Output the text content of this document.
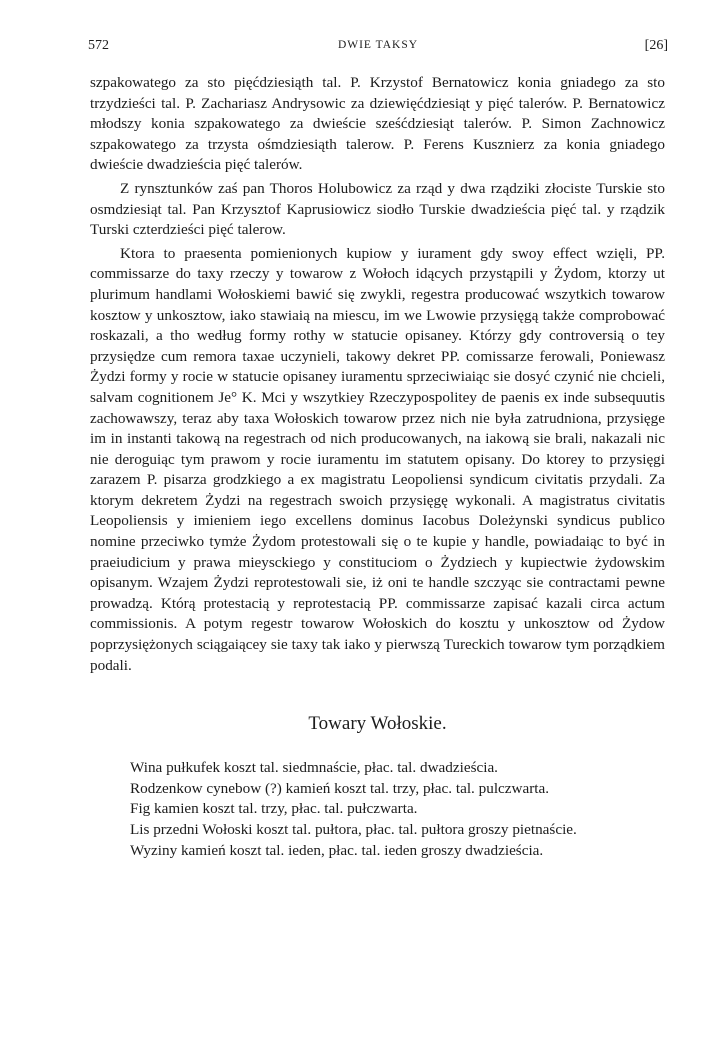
572	DWIE TAKSY	[26]

szpakowatego za sto pięćdziesiąth tal. P. Krzystof Bernatowicz konia gniadego za sto trzydzieści tal. P. Zachariasz Andrysowic za dziewięćdziesiąt y pięć talerów. P. Bernatowicz młodszy konia szpakowatego za dwieście sześćdziesiąt talerów. P. Simon Zachnowicz szpakowatego za trzysta ośmdziesiąth talerow. P. Ferens Kusznierz za konia gniadego dwieście dwadzieścia pięć talerów.

Z rynsztunków zaś pan Thoros Holubowicz za rząd y dwa rządziki złociste Turskie sto osmdziesiąt tal. Pan Krzysztof Kaprusiowicz siodło Turskie dwadzieścia pięć tal. y rządzik Turski czterdzieści pięć talerow.

Ktora to praesenta pomienionych kupiow y iurament gdy swoy effect wzięli, PP. commissarze do taxy rzeczy y towarow z Wołoch idących przystąpili y Żydom, ktorzy ut plurimum handlami Wołoskiemi bawić się zwykli, regestra producować wszytkich towarow kosztow y unkosztow, iako stawiaią na miescu, im we Lwowie przysięgą także comprobować roskazali, a tho według formy rothy w statucie opisaney. Którzy gdy controversią o tey przysiędze cum remora taxae uczynieli, takowy dekret PP. comissarze ferowali, Poniewasz Żydzi formy y rocie w statucie opisaney iuramentu sprzeciwiaiąc sie dosyć czynić nie chcieli, salvam cognitionem Je° K. Mci y wszytkiey Rzeczypospolitey de paenis ex inde subsequutis zachowawszy, teraz aby taxa Wołoskich towarow przez nich nie była zatrudniona, przysięge im in instanti takową na regestrach od nich producowanych, na iakową sie brali, nakazali nic nie deroguiąc tym prawom y rocie iuramentu im statutem opisany. Do ktorey to przysięgi zarazem P. pisarza grodzkiego a ex magistratu Leopoliensi syndicum civitatis przydali. Za ktorym dekretem Żydzi na regestrach swoich przysięgę wykonali. A magistratus civitatis Leopoliensis y imieniem iego excellens dominus Iacobus Doleżynski syndicus publico nomine przeciwko tymże Żydom protestowali się o te kupie y handle, powiadaiąc to być in praeiudicium y prawa mieysckiego y constituciom o Żydziech y kupiectwie żydowskim opisanym. Wzajem Żydzi reprotestowali sie, iż oni te handle szczyąc sie contractami pewne prowadzą. Którą protestacią y reprotestacią PP. commissarze zapisać kazali circa actum commissionis. A potym regestr towarow Wołoskich do kosztu y unkosztow od Żydow poprzysiężonych sciągaiącey sie taxy tak iako y pierwszą Tureckich towarow tym porządkiem podali.

Towary Wołoskie.
Wina pułkufek koszt tal. siedmnaście, płac. tal. dwadzieścia.
Rodzenkow cynebow (?) kamień koszt tal. trzy, płac. tal. pulczwarta.
Fig kamien koszt tal. trzy, płac. tal. pułczwarta.
Lis przedni Wołoski koszt tal. pułtora, płac. tal. pułtora groszy pietnaście.
Wyziny kamień koszt tal. ieden, płac. tal. ieden groszy dwadzieścia.
